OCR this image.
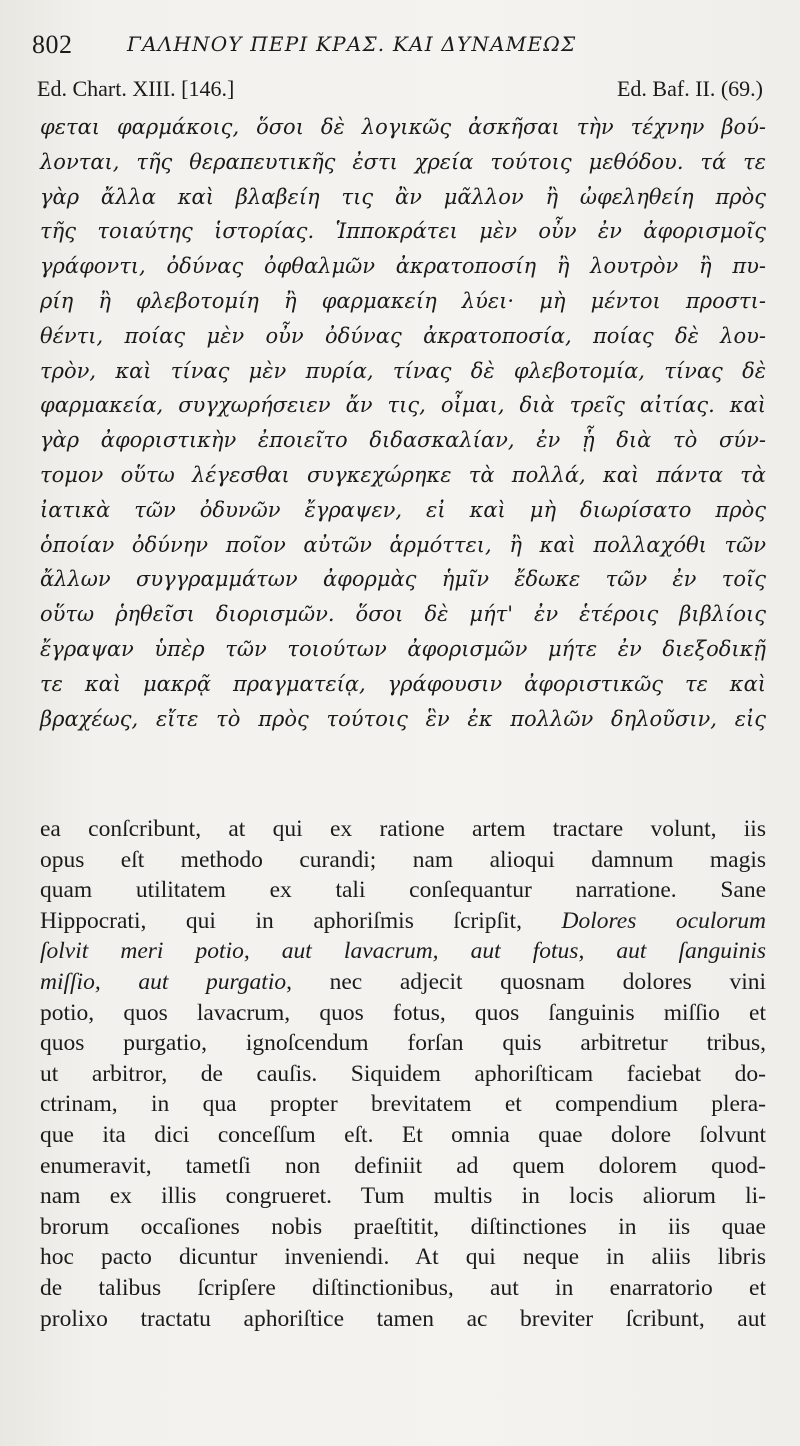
802	ΓΑΛΗΝΟΥ ΠΕΡΙ ΚΡΑΣ. ΚΑΙ ΔΥΝΑΜΕΩΣ
Ed. Chart. XIII. [146.]	Ed. Baf. II. (69.)
φεται φαρμάκοις, ὅσοι δὲ λογικῶς ἀσκῆσαι τὴν τέχνην βού-
λονται, τῆς θεραπευτικῆς ἐστι χρεία τούτοις μεθόδου. τά τε
γὰρ ἄλλα καὶ βλαβείη τις ἂν μᾶλλον ἢ ὠφεληθείη πρὸς
τῆς τοιαύτης ἱστορίας. Ἱπποκράτει μὲν οὖν ἐν ἀφορισμοῖς
γράφοντι, ὀδύνας ὀφθαλμῶν ἀκρατοποσίη ἢ λουτρὸν ἢ πυ-
ρίη ἢ φλεβοτομίη ἢ φαρμακείη λύει· μὴ μέντοι προστι-
θέντι, ποίας μὲν οὖν ὀδύνας ἀκρατοποσία, ποίας δὲ λου-
τρὸν, καὶ τίνας μὲν πυρία, τίνας δὲ φλεβοτομία, τίνας δὲ
φαρμακεία, συγχωρήσειεν ἄν τις, οἶμαι, διὰ τρεῖς αἰτίας. καὶ
γὰρ ἀφοριστικὴν ἐποιεῖτο διδασκαλίαν, ἐν ᾗ διὰ τὸ σύν-
τομον οὕτω λέγεσθαι συγκεχώρηκε τὰ πολλά, καὶ πάντα τὰ
ἰατικὰ τῶν ὀδυνῶν ἔγραψεν, εἰ καὶ μὴ διωρίσατο πρὸς
ὁποίαν ὀδύνην ποῖον αὐτῶν ἁρμόττει, ἢ καὶ πολλαχόθι τῶν
ἄλλων συγγραμμάτων ἀφορμὰς ἡμῖν ἔδωκε τῶν ἐν τοῖς
οὕτω ῥηθεῖσι διορισμῶν. ὅσοι δὲ μήτ' ἐν ἑτέροις βιβλίοις
ἔγραψαν ὑπὲρ τῶν τοιούτων ἀφορισμῶν μήτε ἐν διεξοδικῇ
τε καὶ μακρᾷ πραγματείᾳ, γράφουσιν ἀφοριστικῶς τε καὶ
βραχέως, εἴτε τὸ πρὸς τούτοις ἓν ἐκ πολλῶν δηλοῦσιν, εἰς
ea conſcribunt, at qui ex ratione artem tractare volunt, iis
opus eſt methodo curandi; nam alioqui damnum magis
quam utilitatem ex tali conſequantur narratione. Sane
Hippocrati, qui in aphoriſmis ſcripſit, Dolores oculorum
ſolvit meri potio, aut lavacrum, aut fotus, aut ſanguinis
miſſio, aut purgatio, nec adjecit quosnam dolores vini
potio, quos lavacrum, quos fotus, quos ſanguinis miſſio et
quos purgatio, ignoſcendum forſan quis arbitretur tribus,
ut arbitror, de cauſis. Siquidem aphoriſticam faciebat do-
ctrinam, in qua propter brevitatem et compendium plera-
que ita dici conceſſum eſt. Et omnia quae dolore ſolvunt
enumeravit, tametſi non definiit ad quem dolorem quod-
nam ex illis congrueret. Tum multis in locis aliorum li-
brorum occaſiones nobis praeſtitit, diſtinctiones in iis quae
hoc pacto dicuntur inveniendi. At qui neque in aliis libris
de talibus ſcripſere diſtinctionibus, aut in enarratorio et
prolixo tractatu aphoriſtice tamen ac breviter ſcribunt, aut
